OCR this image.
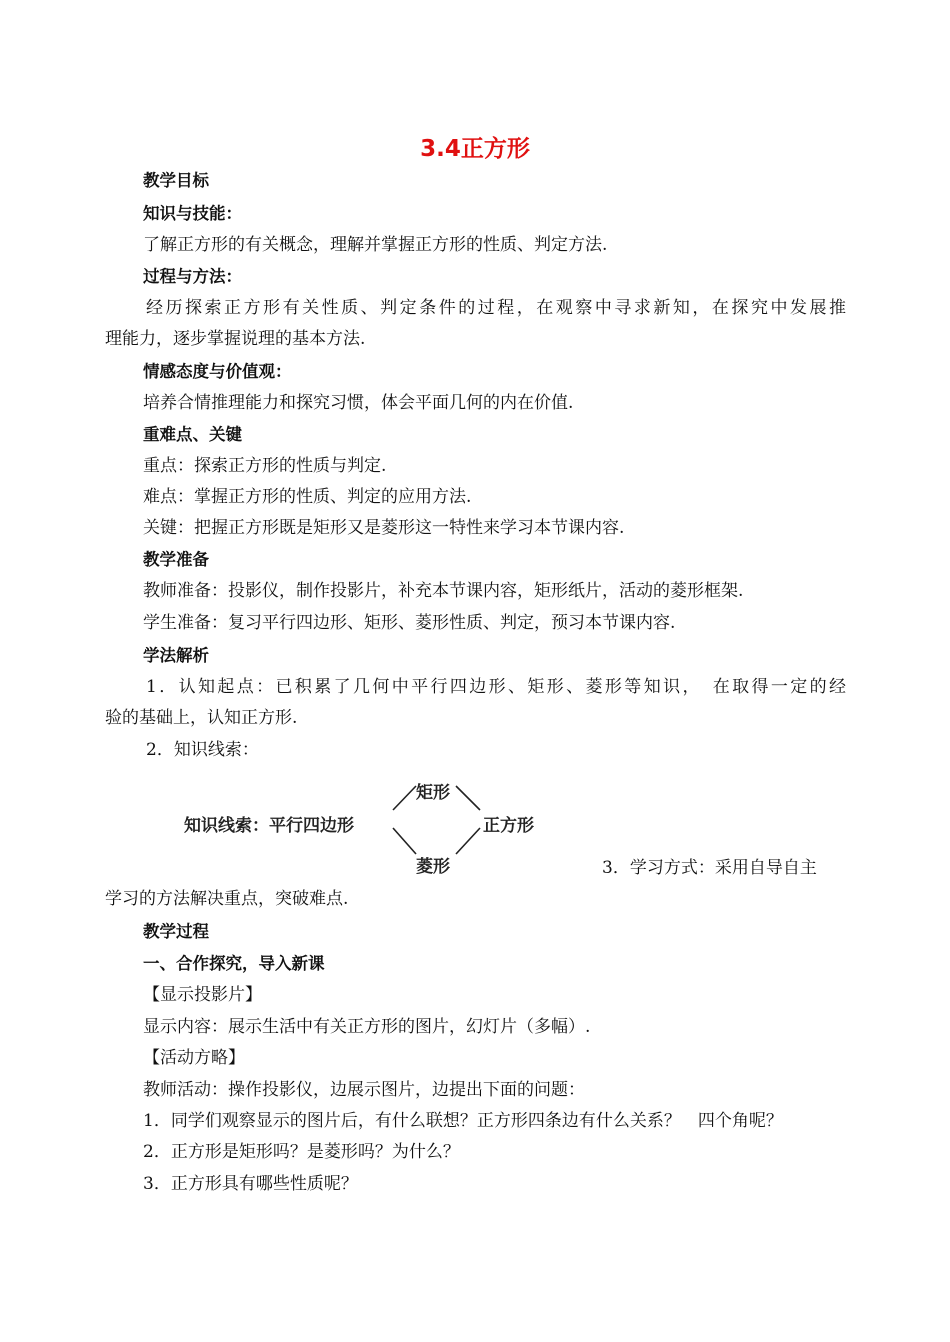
3.4正方形
教学目标
知识与技能：
了解正方形的有关概念，理解并掌握正方形的性质、判定方法.
过程与方法：
经历探索正方形有关性质、判定条件的过程，在观察中寻求新知，在探究中发展推
理能力，逐步掌握说理的基本方法.
情感态度与价值观：
培养合情推理能力和探究习惯，体会平面几何的内在价值.
重难点、关键
重点：探索正方形的性质与判定.
难点：掌握正方形的性质、判定的应用方法.
关键：把握正方形既是矩形又是菱形这一特性来学习本节课内容.
教学准备
教师准备：投影仪，制作投影片，补充本节课内容，矩形纸片，活动的菱形框架.
学生准备：复习平行四边形、矩形、菱形性质、判定，预习本节课内容.
学法解析
1．认知起点：已积累了几何中平行四边形、矩形、菱形等知识，　在取得一定的经
验的基础上，认知正方形.
2．知识线索：
知识线索：平行四边形
矩形
正方形
菱形	3．学习方式：采用自导自主
学习的方法解决重点，突破难点.
教学过程
一、合作探究，导入新课
【显示投影片】
显示内容：展示生活中有关正方形的图片，幻灯片（多幅）.
【活动方略】
教师活动：操作投影仪，边展示图片，边提出下面的问题：
1．同学们观察显示的图片后，有什么联想？正方形四条边有什么关系？　四个角呢？
2．正方形是矩形吗？是菱形吗？为什么？
3．正方形具有哪些性质呢？
